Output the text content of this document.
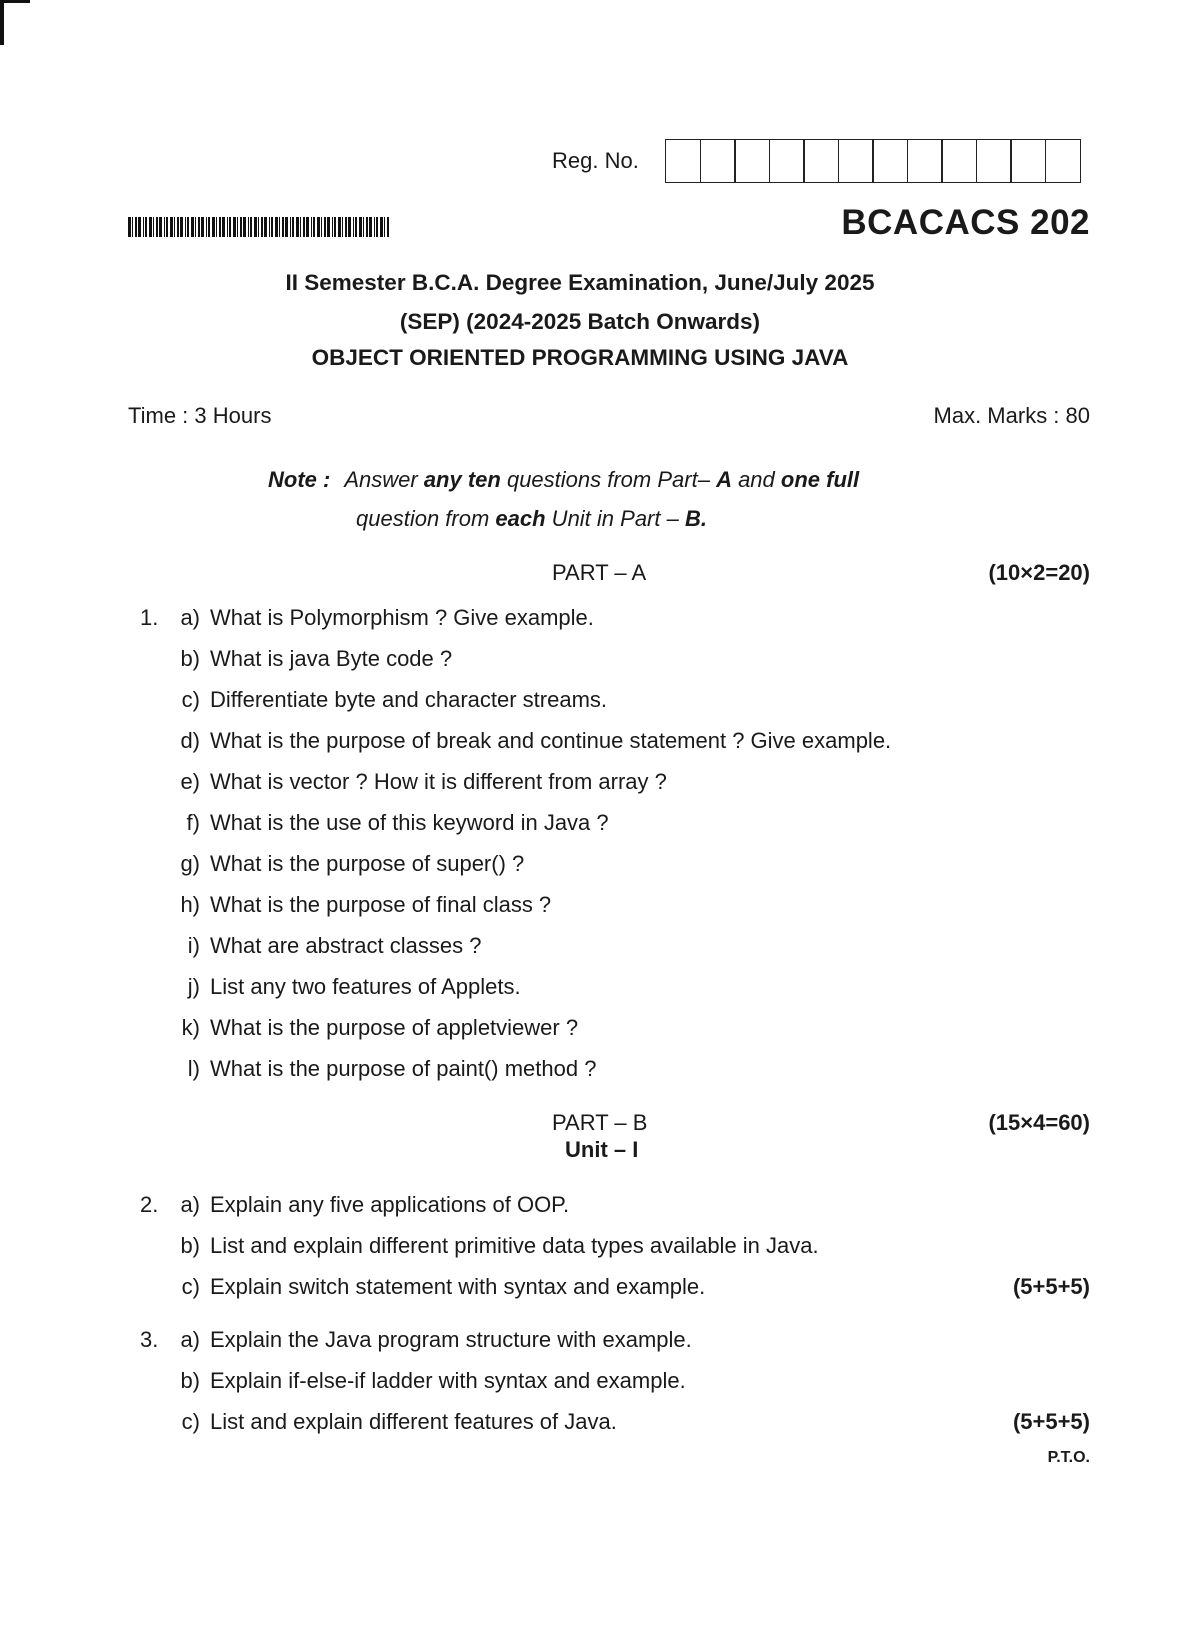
Reg. No.
BCACACS 202
II Semester B.C.A. Degree Examination, June/July 2025
(SEP) (2024-2025 Batch Onwards)
OBJECT ORIENTED PROGRAMMING USING JAVA
Time : 3 Hours	Max. Marks : 80
Note : Answer any ten questions from Part– A and one full
question from each Unit in Part – B.
PART – A	(10×2=20)
1.	a) What is Polymorphism ? Give example.
b) What is java Byte code ?
c) Differentiate byte and character streams.
d) What is the purpose of break and continue statement ? Give example.
e) What is vector ? How it is different from array ?
f) What is the use of this keyword in Java ?
g) What is the purpose of super() ?
h) What is the purpose of final class ?
i) What are abstract classes ?
j) List any two features of Applets.
k) What is the purpose of appletviewer ?
l) What is the purpose of paint() method ?
PART – B	(15×4=60)
Unit – I
2.	a) Explain any five applications of OOP.
b) List and explain different primitive data types available in Java.
c) Explain switch statement with syntax and example.	(5+5+5)
3.	a) Explain the Java program structure with example.
b) Explain if-else-if ladder with syntax and example.
c) List and explain different features of Java.	(5+5+5)
P.T.O.
